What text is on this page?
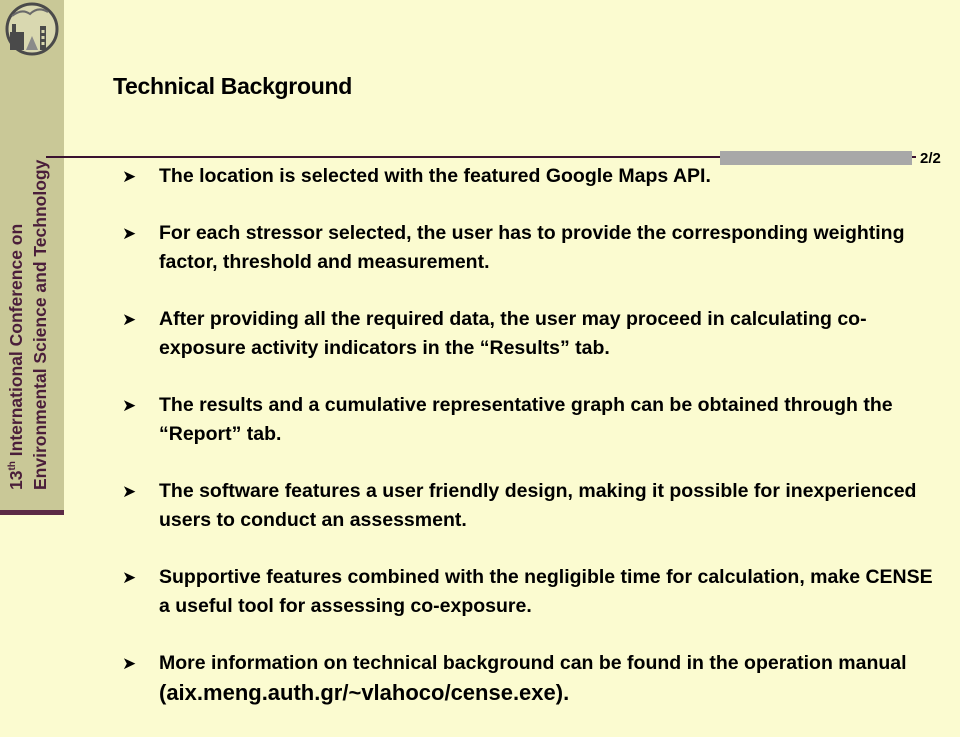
13th International Conference on Environmental Science and Technology
Technical Background
2/2
➤ The location is selected with the featured Google Maps API.
➤ For each stressor selected, the user has to provide the corresponding weighting factor, threshold and measurement.
➤ After providing all the required data, the user may proceed in calculating co-exposure activity indicators in the “Results” tab.
➤ The results and a cumulative representative graph can be obtained through the “Report” tab.
➤ The software features a user friendly design, making it possible for inexperienced users to conduct an assessment.
➤ Supportive features combined with the negligible time for calculation, make CENSE a useful tool for assessing co-exposure.
➤ More information on technical background can be found in the operation manual (aix.meng.auth.gr/~vlahoco/cense.exe).
